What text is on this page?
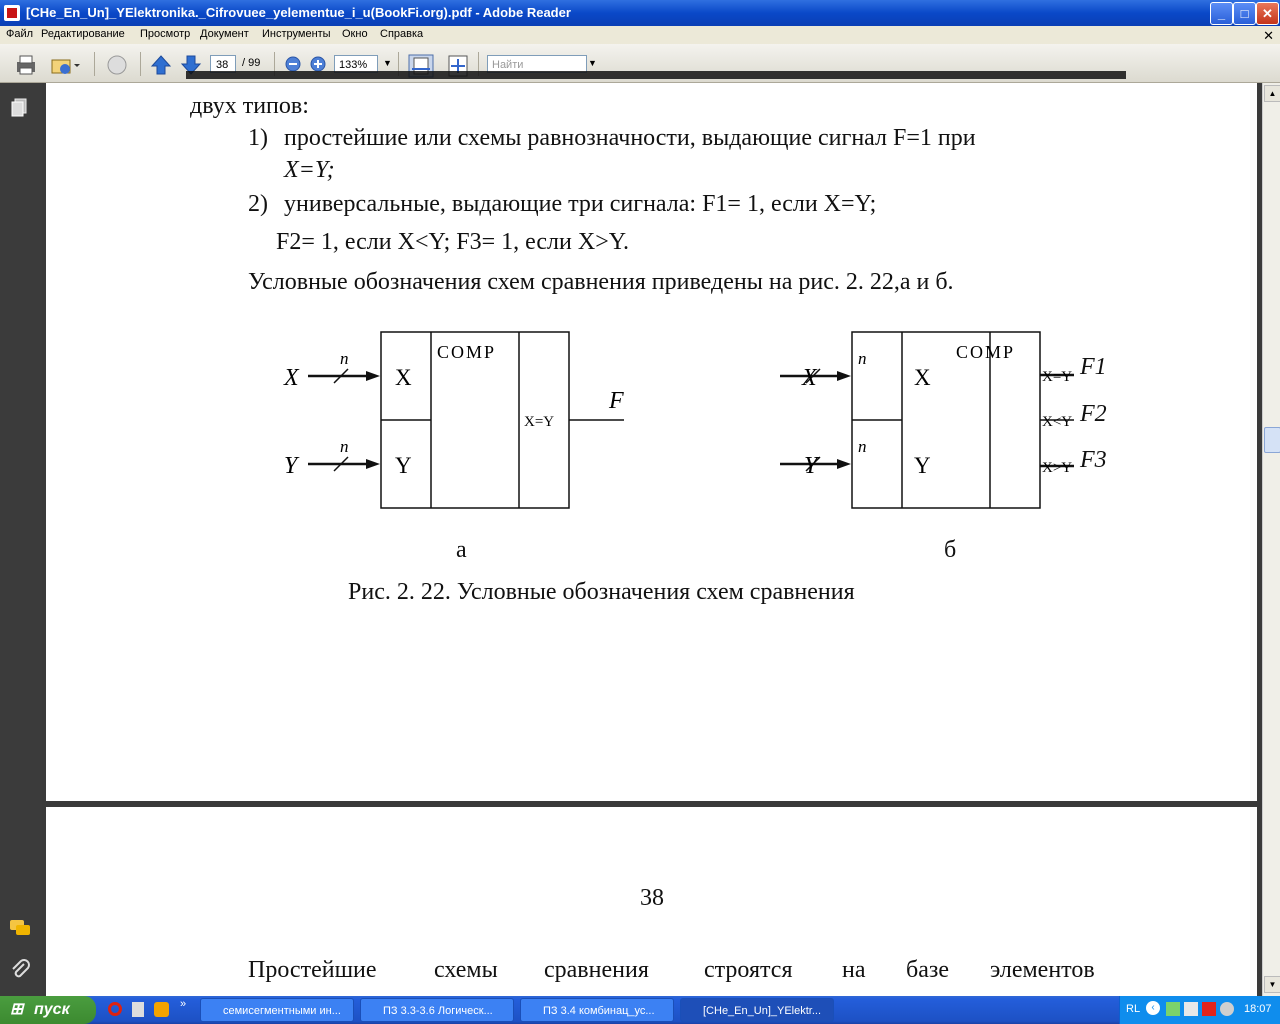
[CHe_En_Un]_YElektronika._Cifrovuee_yelementue_i_u(BookFi.org).pdf - Adobe Reader	_	□	✕
Файл Редактирование Просмотр Документ Инструменты Окно Справка	✕
38	/ 99	133%	▼	Найти	▼
двух типов:
1) простейшие или схемы равнозначности, выдающие сигнал F=1 при
X=Y;
2) универсальные, выдающие три сигнала: F1= 1, если X=Y;
F2= 1, если X<Y; F3= 1, если X>Y.
Условные обозначения схем сравнения приведены на рис. 2. 22,а и б.
X
Y
n
n
X
Y
COMP
X=Y
F
а
X
Y
n
n
X
Y
COMP
X=Y
X<Y
X>Y
F1
F2
F3
б
Рис. 2. 22. Условные обозначения схем сравнения
38
Простейшие схемы сравнения строятся на базе элементов
▲
▼
⊞ пуск	»
семисегментными ин...	ПЗ 3.3-3.6 Логическ...	ПЗ 3.4 комбинац_ус...	[CHe_En_Un]_YElektr...	RL	‹	18:07
